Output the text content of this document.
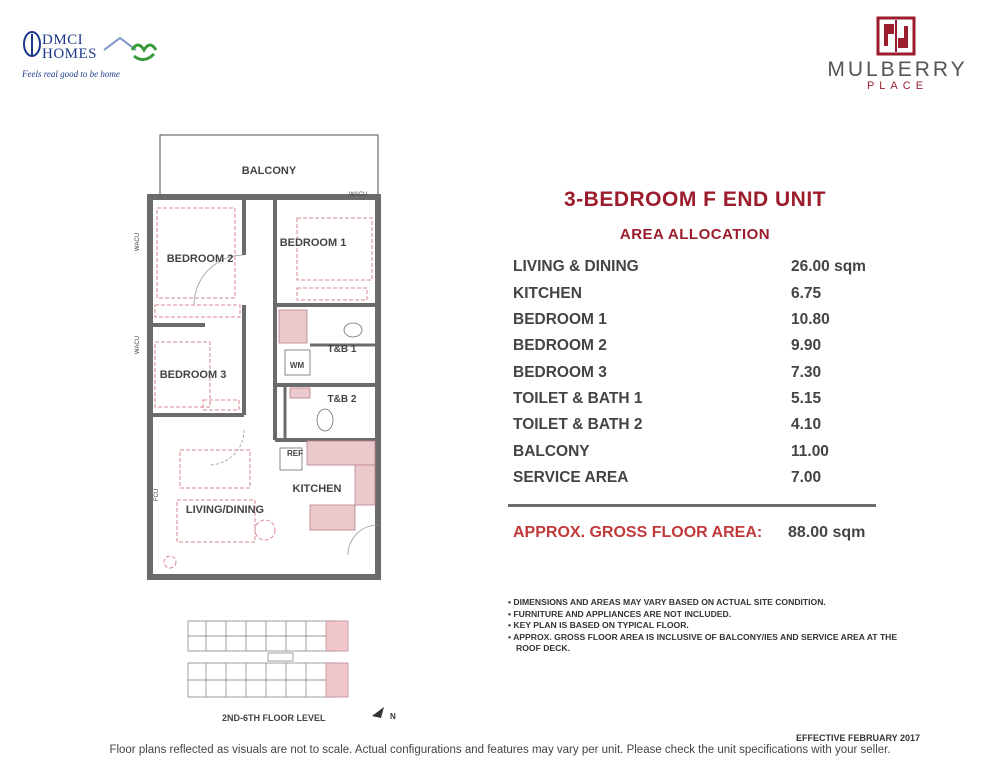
DMCI
HOMES
Feels real good to be home	MULBERRY
PLACE
BALCONY
BEDROOM 1
BEDROOM 2
BEDROOM 3
T&B 1
T&B 2
WM
REF
KITCHEN
LIVING/DINING
WACU
WACU
WACU
FCU
3-BEDROOM F END UNIT
AREA ALLOCATION
LIVING & DINING	26.00 sqm
KITCHEN	6.75
BEDROOM 1	10.80
BEDROOM 2	9.90
BEDROOM 3	7.30
TOILET & BATH 1	5.15
TOILET & BATH 2	4.10
BALCONY	11.00
SERVICE AREA	7.00
APPROX. GROSS FLOOR AREA: 88.00 sqm
• DIMENSIONS AND AREAS MAY VARY BASED ON ACTUAL SITE CONDITION.
• FURNITURE AND APPLIANCES ARE NOT INCLUDED.
• KEY PLAN IS BASED ON TYPICAL FLOOR.
• APPROX. GROSS FLOOR AREA IS INCLUSIVE OF BALCONY/IES AND SERVICE AREA AT THE ROOF DECK.
2ND-6TH FLOOR LEVEL	N
EFFECTIVE FEBRUARY 2017
Floor plans reflected as visuals are not to scale. Actual configurations and features may vary per unit. Please check the unit specifications with your seller.
